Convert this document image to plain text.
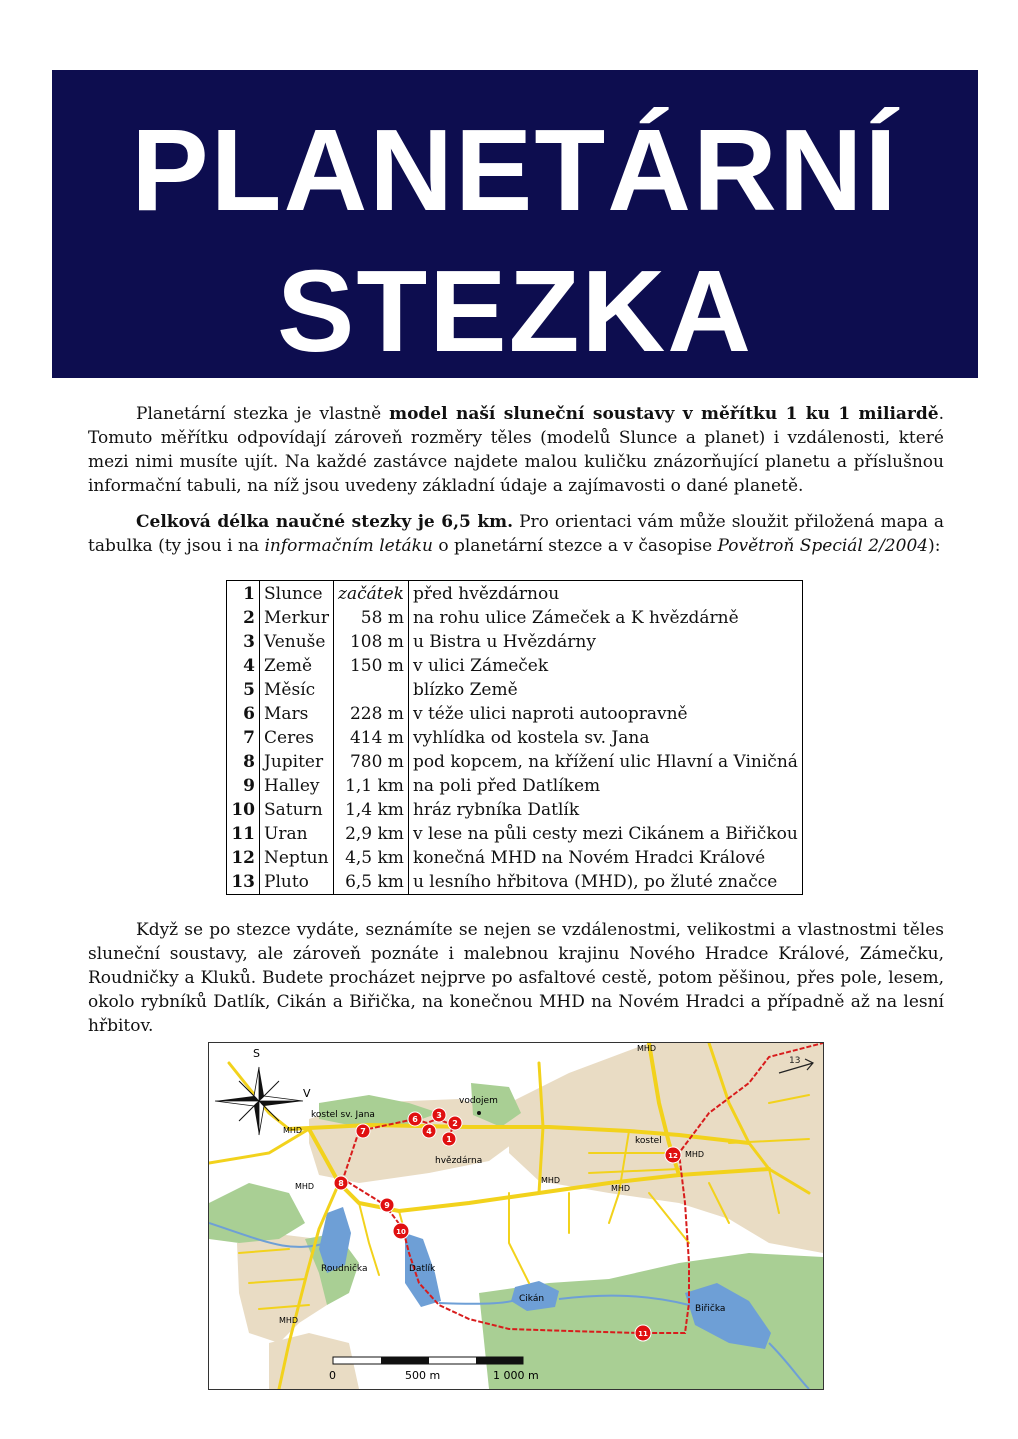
PLANETÁRNÍ
STEZKA

Planetární stezka je vlastně model naší sluneční soustavy v měřítku 1 ku 1 miliardě. Tomuto měřítku odpovídají zároveň rozměry těles (modelů Slunce a planet) i vzdálenosti, které mezi nimi musíte ujít. Na každé zastávce najdete malou kuličku znázorňující planetu a příslušnou informační tabuli, na níž jsou uvedeny základní údaje a zajímavosti o dané planetě.

Celková délka naučné stezky je 6,5 km. Pro orientaci vám může sloužit přiložená mapa a tabulka (ty jsou i na informačním letáku o planetární stezce a v časopise Povětroň Speciál 2/2004):

1	Slunce	začátek	před hvězdárnou
2	Merkur	58 m	na rohu ulice Zámeček a K hvězdárně
3	Venuše	108 m	u Bistra u Hvězdárny
4	Země	150 m	v ulici Zámeček
5	Měsíc		blízko Země
6	Mars	228 m	v téže ulici naproti autoopravně
7	Ceres	414 m	vyhlídka od kostela sv. Jana
8	Jupiter	780 m	pod kopcem, na křížení ulic Hlavní a Viničná
9	Halley	1,1 km	na poli před Datlíkem
10	Saturn	1,4 km	hráz rybníka Datlík
11	Uran	2,9 km	v lese na půli cesty mezi Cikánem a Biřičkou
12	Neptun	4,5 km	konečná MHD na Novém Hradci Králové
13	Pluto	6,5 km	u lesního hřbitova (MHD), po žluté značce

Když se po stezce vydáte, seznámíte se nejen se vzdálenostmi, velikostmi a vlastnostmi těles sluneční soustavy, ale zároveň poznáte i malebnou krajinu Nového Hradce Králové, Zámečku, Roudničky a Kluků. Budete procházet nejprve po asfaltové cestě, potom pěšinou, přes pole, lesem, okolo rybníků Datlík, Cikán a Biřička, na konečnou MHD na Novém Hradci a případně až na lesní hřbitov.

13
S
V
kostel sv. Jana
vodojem
hvězdárna
kostel
Roudnička	Datlík
Cikán
Biřička
MHD
MHD
MHD
MHD
MHD
MHD
MHD
1
2
3
4
6
7
8
9
10
11
12
0	500 m	1 000 m
